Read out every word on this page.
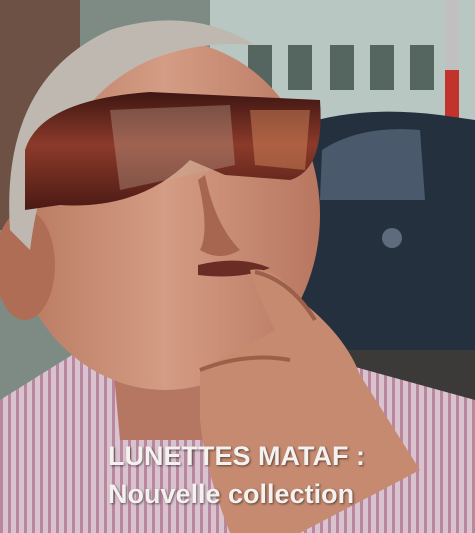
LUNETTES MATAF :
Nouvelle collection
